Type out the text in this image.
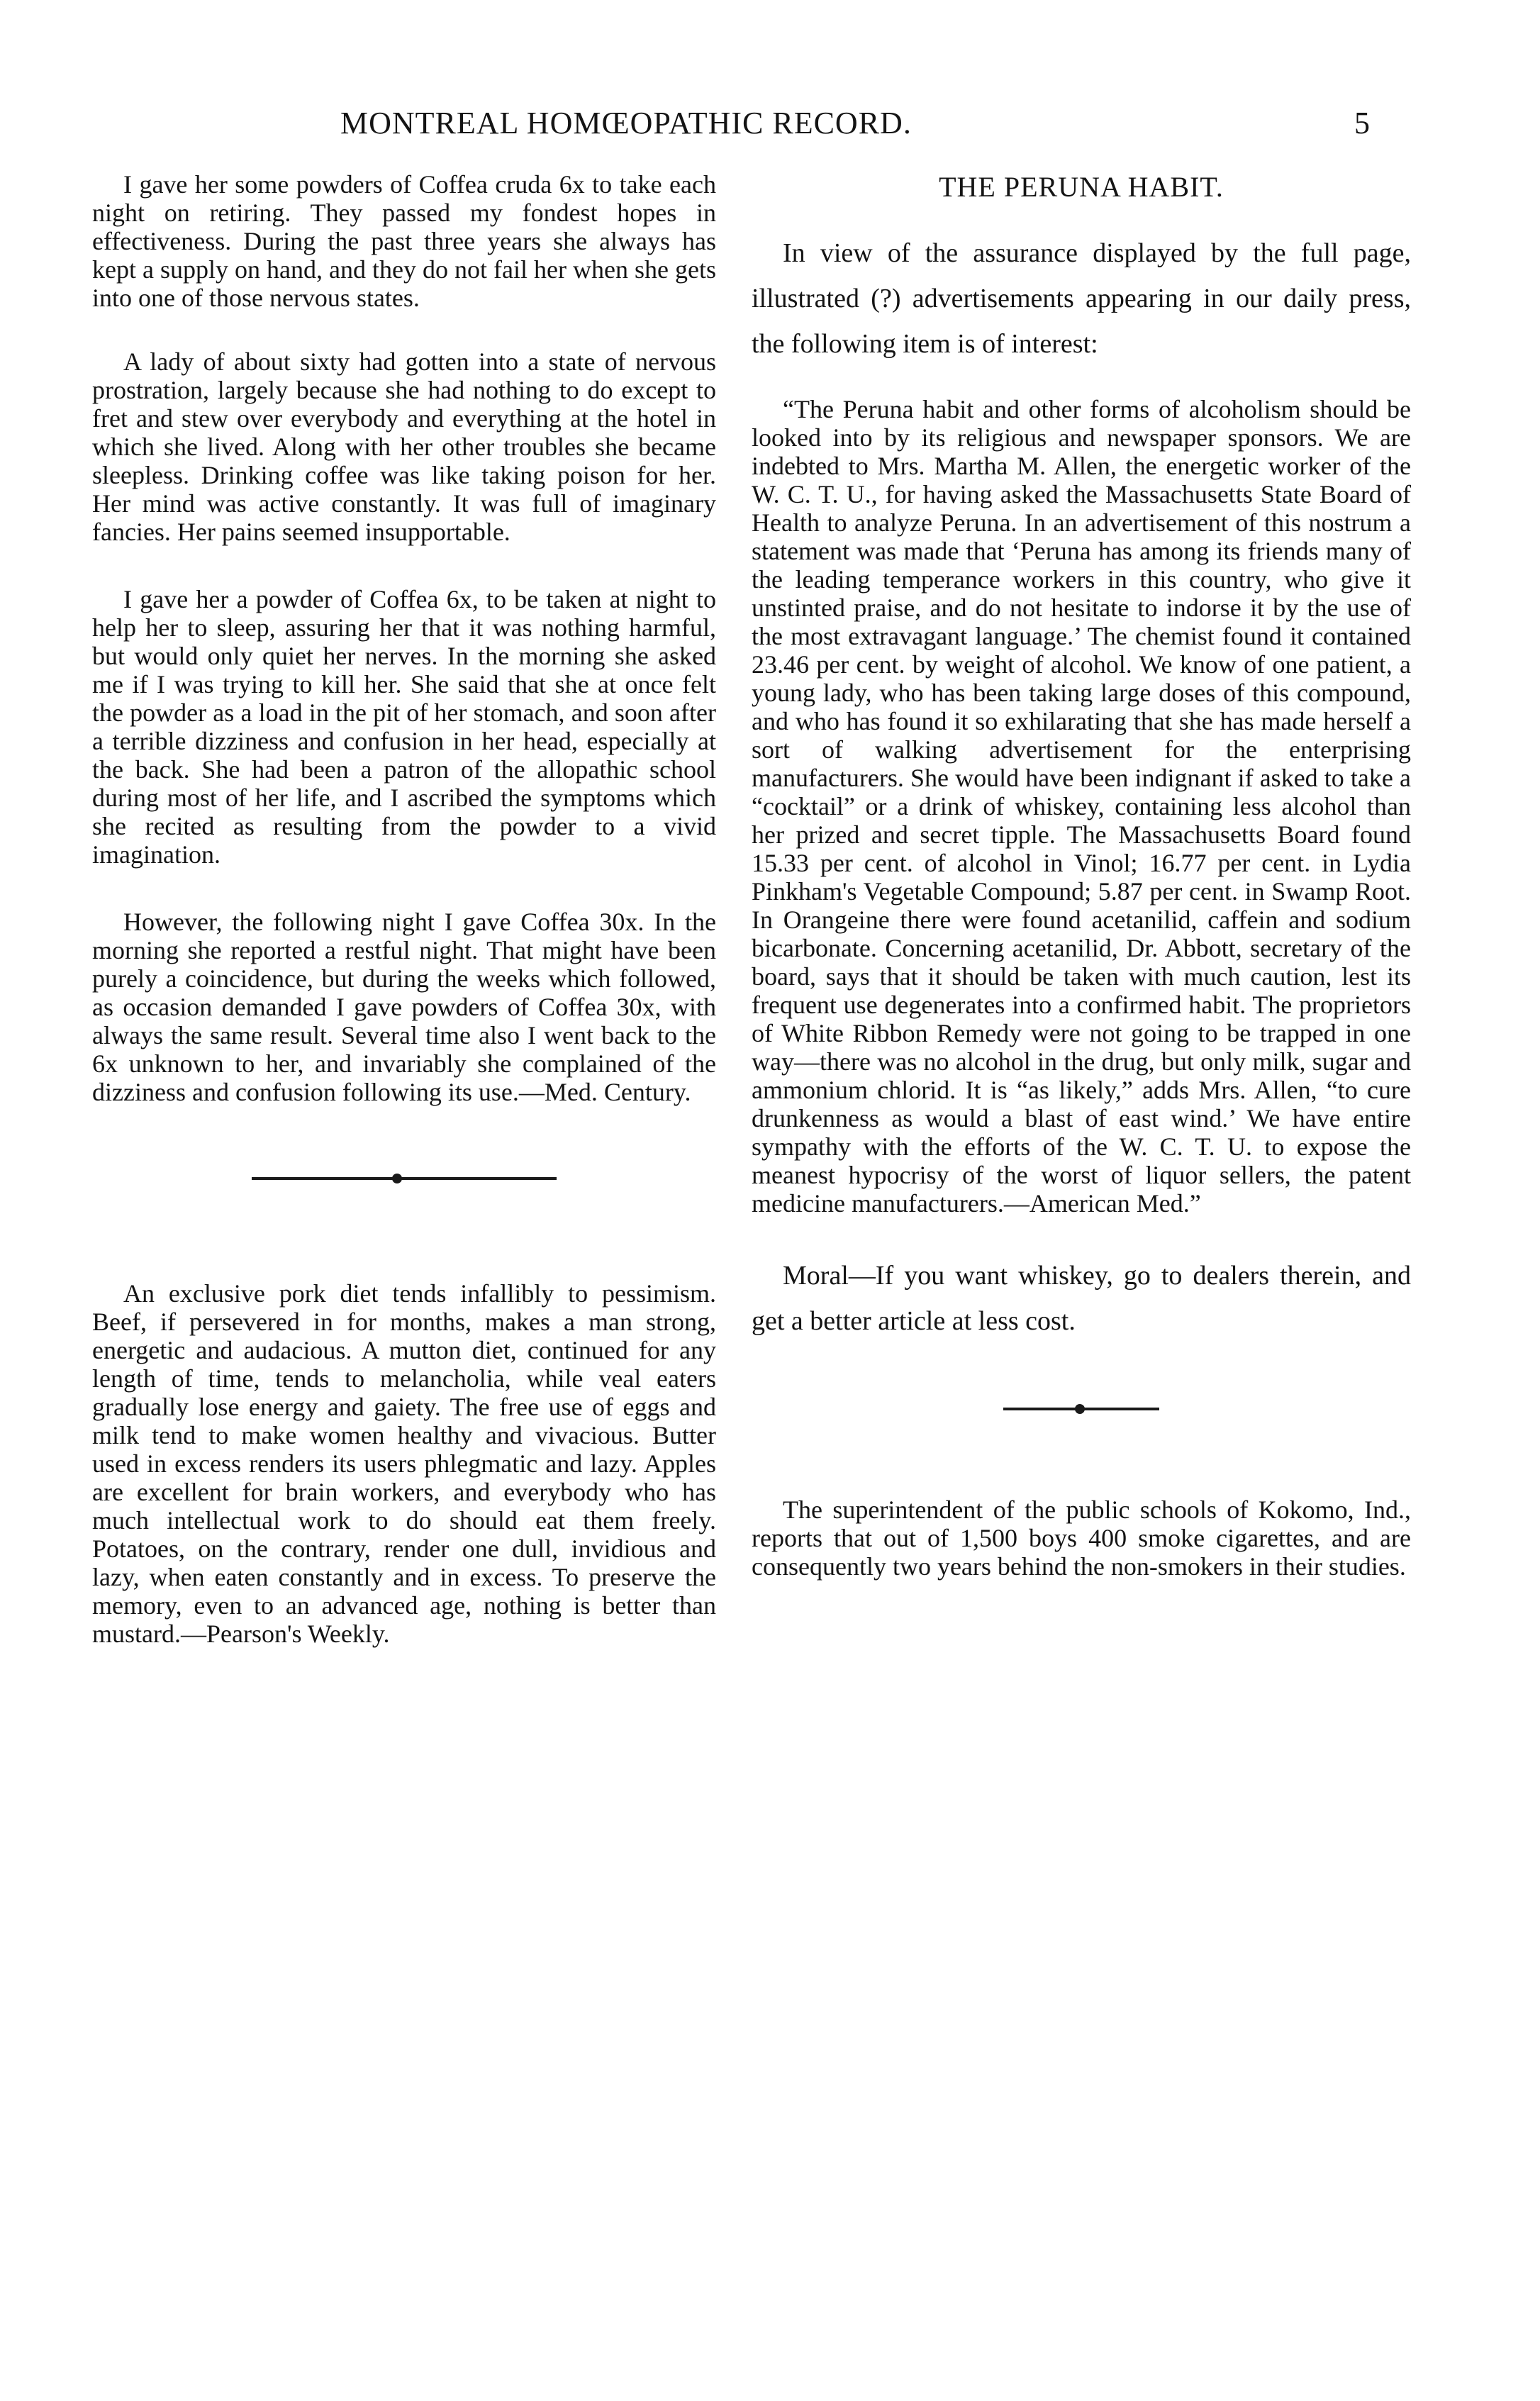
MONTREAL HOMŒOPATHIC RECORD.	5

I gave her some powders of Coffea cruda 6x to take each night on retiring. They passed my fondest hopes in effectiveness. During the past three years she always has kept a supply on hand, and they do not fail her when she gets into one of those nervous states.

A lady of about sixty had gotten into a state of nervous prostration, largely because she had nothing to do except to fret and stew over everybody and everything at the hotel in which she lived. Along with her other troubles she became sleepless. Drinking coffee was like taking poison for her. Her mind was active constantly. It was full of imaginary fancies. Her pains seemed insupportable.

I gave her a powder of Coffea 6x, to be taken at night to help her to sleep, assuring her that it was nothing harmful, but would only quiet her nerves. In the morning she asked me if I was trying to kill her. She said that she at once felt the powder as a load in the pit of her stomach, and soon after a terrible dizziness and confusion in her head, especially at the back. She had been a patron of the allopathic school during most of her life, and I ascribed the symptoms which she recited as resulting from the powder to a vivid imagination.

However, the following night I gave Coffea 30x. In the morning she reported a restful night. That might have been purely a coincidence, but during the weeks which followed, as occasion demanded I gave powders of Coffea 30x, with always the same result. Several time also I went back to the 6x unknown to her, and invariably she complained of the dizziness and confusion following its use.—Med. Century.

An exclusive pork diet tends infallibly to pessimism. Beef, if persevered in for months, makes a man strong, energetic and audacious. A mutton diet, continued for any length of time, tends to melancholia, while veal eaters gradually lose energy and gaiety. The free use of eggs and milk tend to make women healthy and vivacious. Butter used in excess renders its users phlegmatic and lazy. Apples are excellent for brain workers, and everybody who has much intellectual work to do should eat them freely. Potatoes, on the contrary, render one dull, invidious and lazy, when eaten constantly and in excess. To preserve the memory, even to an advanced age, nothing is better than mustard.—Pearson's Weekly.

THE PERUNA HABIT.

In view of the assurance displayed by the full page, illustrated (?) advertisements appearing in our daily press, the following item is of interest:

“The Peruna habit and other forms of alcoholism should be looked into by its religious and newspaper sponsors. We are indebted to Mrs. Martha M. Allen, the energetic worker of the W. C. T. U., for having asked the Massachusetts State Board of Health to analyze Peruna. In an advertisement of this nostrum a statement was made that ‘Peruna has among its friends many of the leading temperance workers in this country, who give it unstinted praise, and do not hesitate to indorse it by the use of the most extravagant language.’ The chemist found it contained 23.46 per cent. by weight of alcohol. We know of one patient, a young lady, who has been taking large doses of this compound, and who has found it so exhilarating that she has made herself a sort of walking advertisement for the enterprising manufacturers. She would have been indignant if asked to take a “cocktail” or a drink of whiskey, containing less alcohol than her prized and secret tipple. The Massachusetts Board found 15.33 per cent. of alcohol in Vinol; 16.77 per cent. in Lydia Pinkham's Vegetable Compound; 5.87 per cent. in Swamp Root. In Orangeine there were found acetanilid, caffein and sodium bicarbonate. Concerning acetanilid, Dr. Abbott, secretary of the board, says that it should be taken with much caution, lest its frequent use degenerates into a confirmed habit. The proprietors of White Ribbon Remedy were not going to be trapped in one way—there was no alcohol in the drug, but only milk, sugar and ammonium chlorid. It is “as likely,” adds Mrs. Allen, “to cure drunkenness as would a blast of east wind.’ We have entire sympathy with the efforts of the W. C. T. U. to expose the meanest hypocrisy of the worst of liquor sellers, the patent medicine manufacturers.—American Med.”

Moral—If you want whiskey, go to dealers therein, and get a better article at less cost.

The superintendent of the public schools of Kokomo, Ind., reports that out of 1,500 boys 400 smoke cigarettes, and are consequently two years behind the non-smokers in their studies.
